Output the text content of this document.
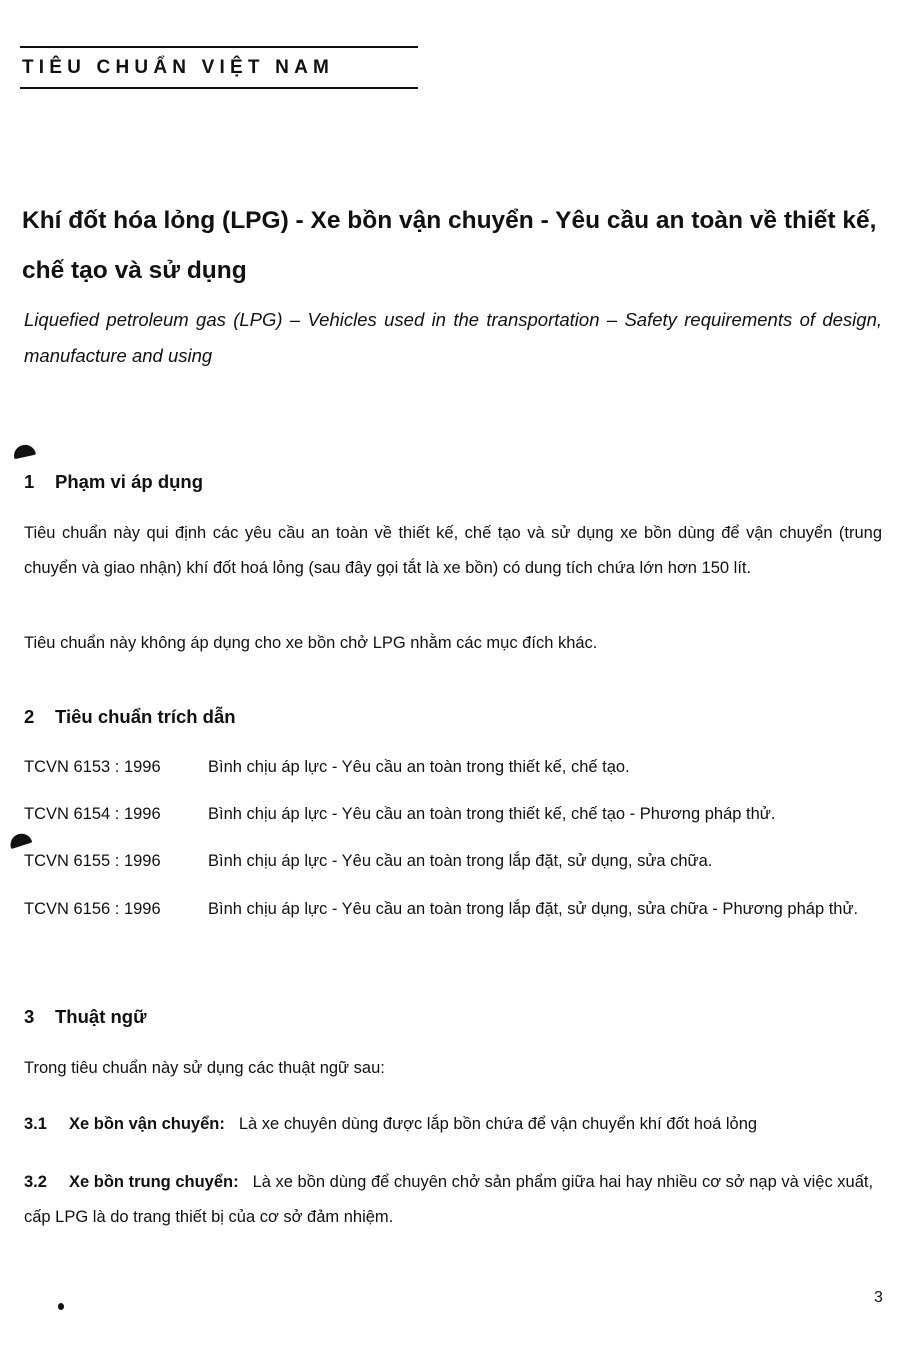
TIÊU CHUẨN VIỆT NAM
Khí đốt hóa lỏng (LPG) - Xe bồn vận chuyển - Yêu cầu an toàn về thiết kế, chế tạo và sử dụng

Liquefied petroleum gas (LPG) – Vehicles used in the transportation – Safety requirements of design, manufacture and using

1 Phạm vi áp dụng

Tiêu chuẩn này qui định các yêu cầu an toàn về thiết kế, chế tạo và sử dụng xe bồn dùng để vận chuyển (trung chuyển và giao nhận) khí đốt hoá lỏng (sau đây gọi tắt là xe bồn) có dung tích chứa lớn hơn 150 lít.

Tiêu chuẩn này không áp dụng cho xe bồn chở LPG nhằm các mục đích khác.

2 Tiêu chuẩn trích dẫn

TCVN 6153 : 1996	Bình chịu áp lực - Yêu cầu an toàn trong thiết kế, chế tạo.

TCVN 6154 : 1996	Bình chịu áp lực - Yêu cầu an toàn trong thiết kế, chế tạo - Phương pháp thử.

TCVN 6155 : 1996	Bình chịu áp lực - Yêu cầu an toàn trong lắp đặt, sử dụng, sửa chữa.

TCVN 6156 : 1996	Bình chịu áp lực - Yêu cầu an toàn trong lắp đặt, sử dụng, sửa chữa - Phương pháp thử.

3 Thuật ngữ

Trong tiêu chuẩn này sử dụng các thuật ngữ sau:

3.1 Xe bồn vận chuyển: Là xe chuyên dùng được lắp bồn chứa để vận chuyển khí đốt hoá lỏng

3.2 Xe bồn trung chuyển: Là xe bồn dùng để chuyên chở sản phẩm giữa hai hay nhiều cơ sở nạp và việc xuất, cấp LPG là do trang thiết bị của cơ sở đảm nhiệm.

3
